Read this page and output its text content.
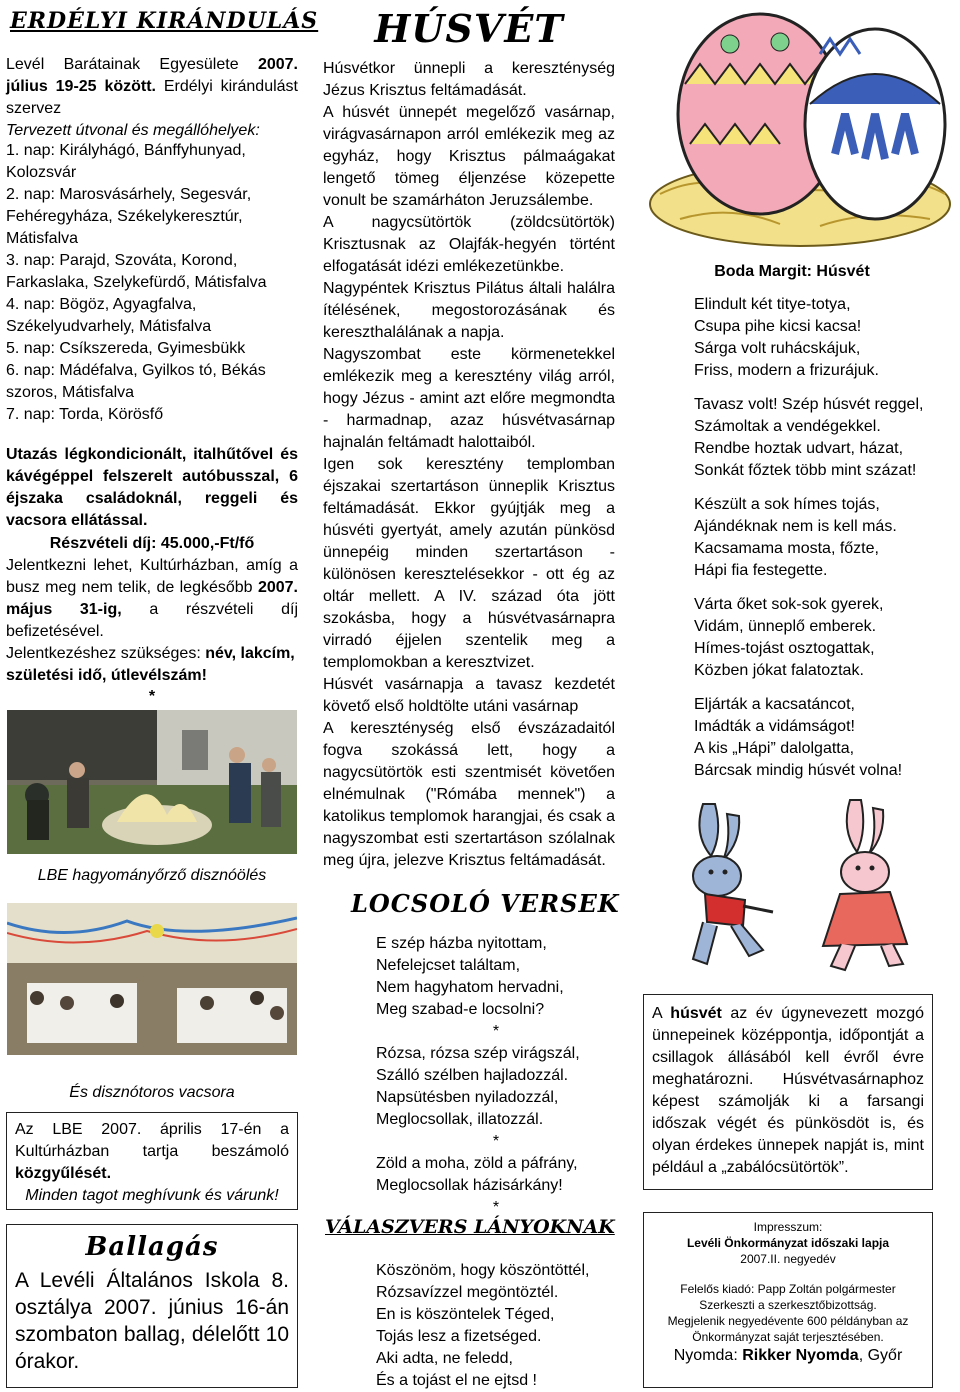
ERDÉLYI KIRÁNDULÁS
Levél Barátainak Egyesülete 2007. július 19-25 között. Erdélyi kirándulást szervez
Tervezett útvonal és megállóhelyek:
1. nap: Királyhágó, Bánffyhunyad, Kolozsvár
2. nap: Marosvásárhely, Segesvár, Fehéregyháza, Székelykeresztúr, Mátisfalva
3. nap: Parajd, Szováta, Korond, Farkaslaka, Szelykefürdő, Mátisfalva
4. nap: Bögöz, Agyagfalva, Székelyudvarhely, Mátisfalva
5. nap: Csíkszereda, Gyimesbükk
6. nap: Mádéfalva, Gyilkos tó, Békás szoros, Mátisfalva
7. nap: Torda, Körösfő
Utazás légkondicionált, italhűtővel és kávégéppel felszerelt autóbusszal, 6 éjszaka családoknál, reggeli és vacsora ellátással.
Részvételi díj: 45.000,-Ft/fő
Jelentkezni lehet, Kultúrházban, amíg a busz meg nem telik, de legkésőbb 2007. május 31-ig, a részvételi díj befizetésével.
Jelentkezéshez szükséges: név, lakcím, születési idő, útlevélszám!
*
LBE hagyományőrző disznóölés
És disznótoros vacsora
Az LBE 2007. április 17-én a Kultúrházban tartja beszámoló közgyűlését.
Minden tagot meghívunk és várunk!
Ballagás
A Levéli Általános Iskola 8. osztálya 2007. június 16-án szombaton ballag, délelőtt 10 órakor.
HÚSVÉT

Húsvétkor ünnepli a kereszténység Jézus Krisztus feltámadását.

A húsvét ünnepét megelőző vasárnap, virágvasárnapon arról emlékezik meg az egyház, hogy Krisztus pálmaágakat lengető tömeg éljenzése közepette vonult be szamárháton Jeruzsálembe.

A nagycsütörtök (zöldcsütörtök) Krisztusnak az Olajfák-hegyén történt elfogatását idézi emlékezetünkbe.

Nagypéntek Krisztus Pilátus általi halálra ítélésének, megostorozásának és kereszthalálának a napja.

Nagyszombat este körmenetekkel emlékezik meg a keresztény világ arról, hogy Jézus - amint azt előre megmondta - harmadnap, azaz húsvétvasárnap hajnalán feltámadt halottaiból.

Igen sok keresztény templomban éjszakai szertartáson ünneplik Krisztus feltámadását. Ekkor gyújtják meg a húsvéti gyertyát, amely azután pünkösd ünnepéig minden szertartáson - különösen keresztelésekkor - ott ég az oltár mellett. A IV. század óta jött szokásba, hogy a húsvétvasárnapra virradó éjjelen szentelik meg a templomokban a keresztvizet.

Húsvét vasárnapja a tavasz kezdetét követő első holdtölte utáni vasárnap

A kereszténység első évszázadaitól fogva szokássá lett, hogy a nagycsütörtök esti szentmisét követően elnémulnak ("Rómába mennek") a katolikus templomok harangjai, és csak a nagyszombat esti szertartáson szólalnak meg újra, jelezve Krisztus feltámadását.

LOCSOLÓ VERSEK
E szép házba nyitottam,
Nefelejcset találtam,
Nem hagyhatom hervadni,
Meg szabad-e locsolni?
*
Rózsa, rózsa szép virágszál,
Szálló szélben hajladozzál.
Napsütésben nyiladozzál,
Meglocsollak, illatozzál.
*
Zöld a moha, zöld a páfrány,
Meglocsollak házisárkány!
*
VÁLASZVERS LÁNYOKNAK
Köszönöm, hogy köszöntöttél,
Rózsavízzel megöntöztél.
En is köszöntelek Téged,
Tojás lesz a fizetséged.
Aki adta, ne feledd,
És a tojást el ne ejtsd !
Boda Margit: Húsvét
Elindult két tityе-totya,
Csupa pihe kicsi kacsa!
Sárga volt ruhácskájuk,
Friss, modern a frizurájuk.
Tavasz volt! Szép húsvét reggel,
Számoltak a vendégekkel.
Rendbe hoztak udvart, házat,
Sonkát főztek több mint százat!
Készült a sok hímes tojás,
Ajándéknak nem is kell más.
Kacsamama mosta, főzte,
Hápi fia festegette.
Várta őket sok-sok gyerek,
Vidám, ünneplő emberek.
Hímes-tojást osztogattak,
Közben jókat falatoztak.
Eljárták a kacsatáncot,
Imádták a vidámságot!
A kis „Hápi” dalolgatta,
Bárcsak mindig húsvét volna!
A húsvét az év úgynevezett mozgó ünnepeinek középpontja, időpontját a csillagok állásából kell évről évre meghatározni. Húsvétvasárnaphoz képest számolják ki a farsangi időszak végét és pünkösdöt is, és olyan érdekes ünnepek napját is, mint például a „zabálócsütörtök”.
Impresszum:
Levéli Önkormányzat időszaki lapja
2007.II. negyedév
Felelős kiadó: Papp Zoltán polgármester
Szerkeszti a szerkesztőbizottság.
Megjelenik negyedévente 600 példányban az Önkormányzat saját terjesztésében.
Nyomda: Rikker Nyomda, Győr
